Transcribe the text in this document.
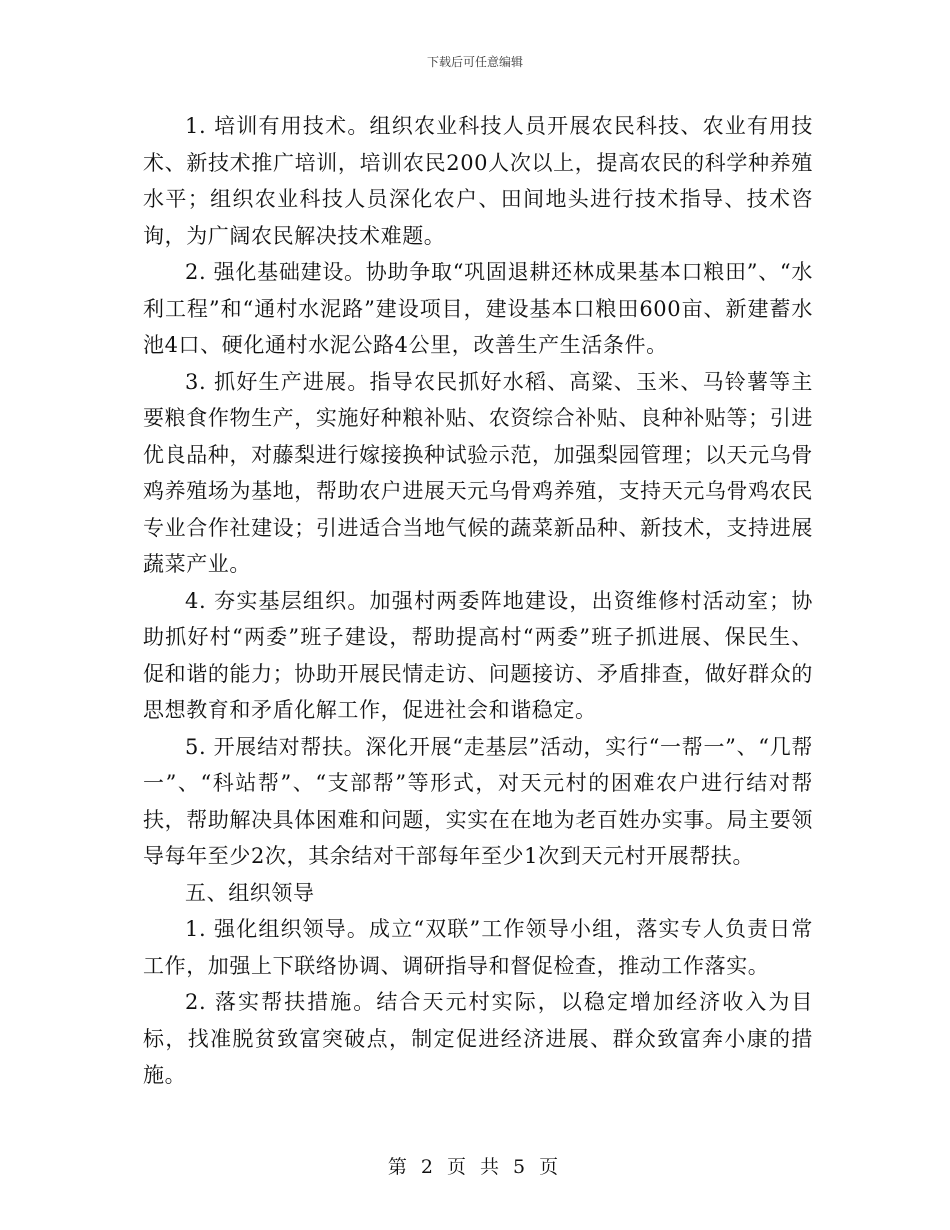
下载后可任意编辑

1. 培训有用技术。组织农业科技人员开展农民科技、农业有用技术、新技术推广培训，培训农民200人次以上，提高农民的科学种养殖水平；组织农业科技人员深化农户、田间地头进行技术指导、技术咨询，为广阔农民解决技术难题。

2. 强化基础建设。协助争取“巩固退耕还林成果基本口粮田”、“水利工程”和“通村水泥路”建设项目，建设基本口粮田600亩、新建蓄水池4口、硬化通村水泥公路4公里，改善生产生活条件。

3. 抓好生产进展。指导农民抓好水稻、高粱、玉米、马铃薯等主要粮食作物生产，实施好种粮补贴、农资综合补贴、良种补贴等；引进优良品种，对藤梨进行嫁接换种试验示范，加强梨园管理；以天元乌骨鸡养殖场为基地，帮助农户进展天元乌骨鸡养殖，支持天元乌骨鸡农民专业合作社建设；引进适合当地气候的蔬菜新品种、新技术，支持进展蔬菜产业。

4. 夯实基层组织。加强村两委阵地建设，出资维修村活动室；协助抓好村“两委”班子建设，帮助提高村“两委”班子抓进展、保民生、促和谐的能力；协助开展民情走访、问题接访、矛盾排查，做好群众的思想教育和矛盾化解工作，促进社会和谐稳定。

5. 开展结对帮扶。深化开展“走基层”活动，实行“一帮一”、“几帮一”、“科站帮”、“支部帮”等形式，对天元村的困难农户进行结对帮扶，帮助解决具体困难和问题，实实在在地为老百姓办实事。局主要领导每年至少2次，其余结对干部每年至少1次到天元村开展帮扶。

五、组织领导

1. 强化组织领导。成立“双联”工作领导小组，落实专人负责日常工作，加强上下联络协调、调研指导和督促检查，推动工作落实。

2. 落实帮扶措施。结合天元村实际，以稳定增加经济收入为目标，找准脱贫致富突破点，制定促进经济进展、群众致富奔小康的措施。

第 2 页 共 5 页
